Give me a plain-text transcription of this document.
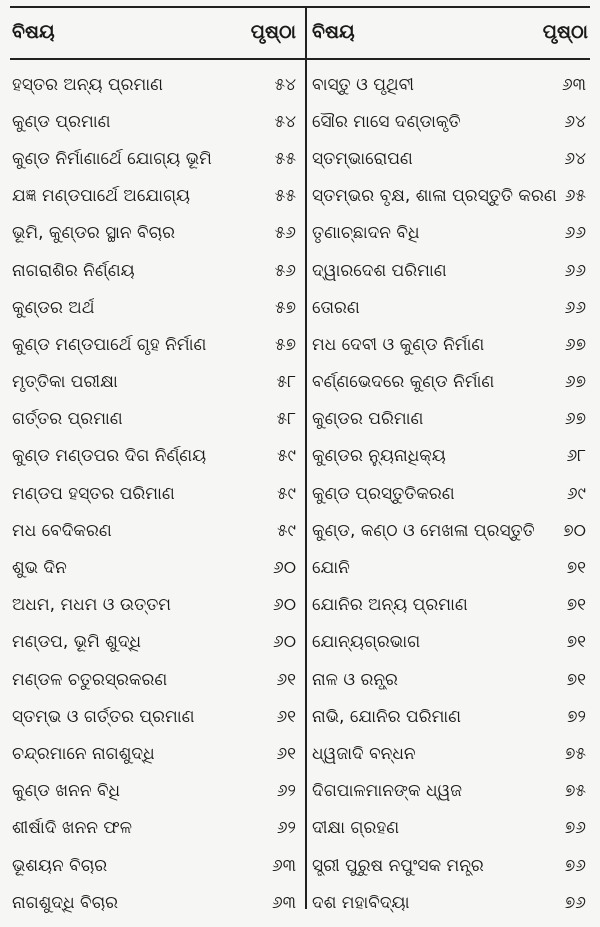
ବିଷୟ	ପୃଷ୍ଠା
ହସ୍ତର ଅନ୍ୟ ପ୍ରମାଣ	୫୪
କୁଣ୍ଡ ପ୍ରମାଣ	୫୪
କୁଣ୍ଡ ନିର୍ମାଣାର୍ଥେ ଯୋଗ୍ୟ ଭୂମି	୫୫
ଯଜ୍ଞ ମଣ୍ଡପାର୍ଥେ ଅଯୋଗ୍ୟ	୫୫
ଭୂମି, କୁଣ୍ଡର ସ୍ଥାନ ବିଚାର	୫୬
ନାଗରାଶିର ନିର୍ଣ୍ଣୟ	୫୬
କୁଣ୍ଡର ଅର୍ଥ	୫୭
କୁଣ୍ଡ ମଣ୍ଡପାର୍ଥେ ଗୃହ ନିର୍ମାଣ	୫୭
ମୃତ୍ତିକା ପରୀକ୍ଷା	୫୮
ଗର୍ତ୍ତର ପ୍ରମାଣ	୫୮
କୁଣ୍ଡ ମଣ୍ଡପର ଦିଗ ନିର୍ଣ୍ଣୟ	୫୯
ମଣ୍ଡପ ହସ୍ତର ପରିମାଣ	୫୯
ମଧ ବେଦିକରଣ	୫୯
ଶୁଭ ଦିନ	୬୦
ଅଧମ, ମଧମ ଓ ଉତ୍ତମ	୬୦
ମଣ୍ଡପ, ଭୂମି ଶୁଦ୍ଧି	୬୦
ମଣ୍ଡଳ ଚତୁରସ୍ରକରଣ	୬୧
ସ୍ତମ୍ଭ ଓ ଗର୍ତ୍ତର ପ୍ରମାଣ	୬୧
ଚନ୍ଦ୍ରମାନେ ନାଗଶୁଦ୍ଧି	୬୧
କୁଣ୍ଡ ଖନନ ବିଧି	୬୨
ଶୀର୍ଷାଦି ଖନନ ଫଳ	୬୨
ଭୂଶୟନ ବିଚାର	୬୩
ନାଗଶୁଦ୍ଧି ବିଚାର	୬୩
ବିଷୟ	ପୃଷ୍ଠା
ବାସ୍ତୁ ଓ ପୃଥିବୀ	୬୩
ସୌର ମାସେ ଦଣ୍ଡାକୃତି	୬୪
ସ୍ତମ୍ଭାରୋପଣ	୬୪
ସ୍ତମ୍ଭର ବୃକ୍ଷ, ଶାଳା ପ୍ରସ୍ତୁତି କରଣ ୬୫
ତୃଣାଚ୍ଛାଦନ ବିଧି	୬୬
ଦ୍ୱାରଦେଶ ପରିମାଣ	୬୬
ତୋରଣ	୬୬
ମଧ ଦେବୀ ଓ କୁଣ୍ଡ ନିର୍ମାଣ	୬୭
ବର୍ଣ୍ଣଭେଦରେ କୁଣ୍ଡ ନିର୍ମାଣ	୬୭
କୁଣ୍ଡର ପରିମାଣ	୬୭
କୁଣ୍ଡର ନ୍ୟୁନାଧିକ୍ୟ	୬୮
କୁଣ୍ଡ ପ୍ରସ୍ତୁତିକରଣ	୬୯
କୁଣ୍ଡ, କଣ୍ଠ ଓ ମେଖଳା ପ୍ରସ୍ତୁତି ୭୦
ଯୋନି	୭୧
ଯୋନିର ଅନ୍ୟ ପ୍ରମାଣ	୭୧
ଯୋନ୍ୟଗ୍ରଭାଗ	୭୧
ନାଳ ଓ ରନ୍ଧ୍ର	୭୧
ନାଭି, ଯୋନିର ପରିମାଣ	୭୨
ଧ୍ୱଜାଦି ବନ୍ଧନ	୭୫
ଦିଗପାଳମାନଙ୍କ ଧ୍ୱଜ	୭୫
ଦୀକ୍ଷା ଗ୍ରହଣ	୭୬
ସ୍ତ୍ରୀ ପୁରୁଷ ନପୁଂସକ ମନ୍ତ୍ର	୭୬
ଦଶ ମହାବିଦ୍ୟା	୭୬
